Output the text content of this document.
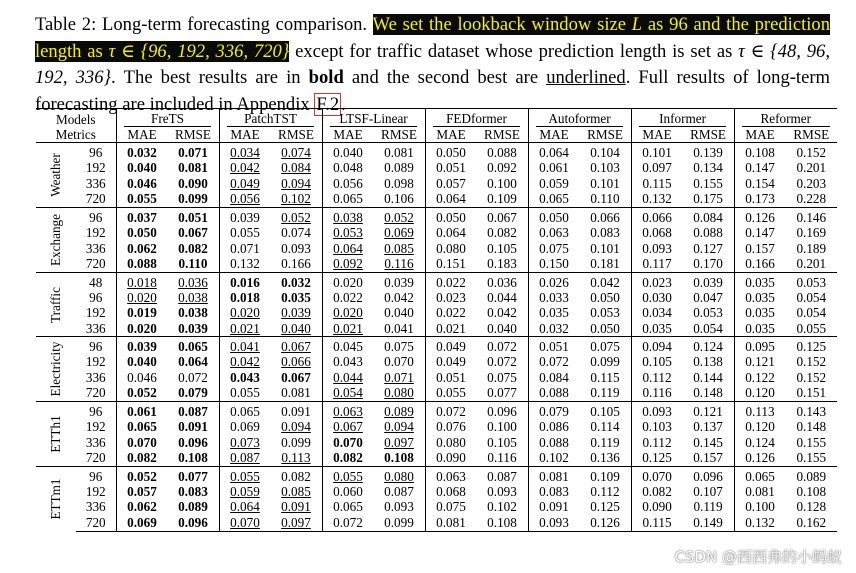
Table 2: Long-term forecasting comparison. We set the lookback window size L as 96 and the prediction length as τ ∈ {96, 192, 336, 720} except for traffic dataset whose prediction length is set as τ ∈ {48, 96, 192, 336}. The best results are in bold and the second best are underlined. Full results of long-term forecasting are included in Appendix F.2 .
Models		FreTS		PatchTST		LTSF-Linear		FEDformer		Autoformer		Informer		Reformer	
Metrics		MAE	RMSE	MAE	RMSE	MAE	RMSE	MAE	RMSE	MAE	RMSE	MAE	RMSE	MAE	RMSE

Weather	96	0.032	0.071	0.034	0.074	0.040	0.081	0.050	0.088	0.064	0.104	0.101	0.139	0.108	0.152
	192	0.040	0.081	0.042	0.084	0.048	0.089	0.051	0.092	0.061	0.103	0.097	0.134	0.147	0.201
	336	0.046	0.090	0.049	0.094	0.056	0.098	0.057	0.100	0.059	0.101	0.115	0.155	0.154	0.203
	720	0.055	0.099	0.056	0.102	0.065	0.106	0.064	0.109	0.065	0.110	0.132	0.175	0.173	0.228

Exchange	96	0.037	0.051	0.039	0.052	0.038	0.052	0.050	0.067	0.050	0.066	0.066	0.084	0.126	0.146
	192	0.050	0.067	0.055	0.074	0.053	0.069	0.064	0.082	0.063	0.083	0.068	0.088	0.147	0.169
	336	0.062	0.082	0.071	0.093	0.064	0.085	0.080	0.105	0.075	0.101	0.093	0.127	0.157	0.189
	720	0.088	0.110	0.132	0.166	0.092	0.116	0.151	0.183	0.150	0.181	0.117	0.170	0.166	0.201

Traffic	48	0.018	0.036	0.016	0.032	0.020	0.039	0.022	0.036	0.026	0.042	0.023	0.039	0.035	0.053
	96	0.020	0.038	0.018	0.035	0.022	0.042	0.023	0.044	0.033	0.050	0.030	0.047	0.035	0.054
	192	0.019	0.038	0.020	0.039	0.020	0.040	0.022	0.042	0.035	0.053	0.034	0.053	0.035	0.054
	336	0.020	0.039	0.021	0.040	0.021	0.041	0.021	0.040	0.032	0.050	0.035	0.054	0.035	0.055

Electricity	96	0.039	0.065	0.041	0.067	0.045	0.075	0.049	0.072	0.051	0.075	0.094	0.124	0.095	0.125
	192	0.040	0.064	0.042	0.066	0.043	0.070	0.049	0.072	0.072	0.099	0.105	0.138	0.121	0.152
	336	0.046	0.072	0.043	0.067	0.044	0.071	0.051	0.075	0.084	0.115	0.112	0.144	0.122	0.152
	720	0.052	0.079	0.055	0.081	0.054	0.080	0.055	0.077	0.088	0.119	0.116	0.148	0.120	0.151

ETTh1	96	0.061	0.087	0.065	0.091	0.063	0.089	0.072	0.096	0.079	0.105	0.093	0.121	0.113	0.143
	192	0.065	0.091	0.069	0.094	0.067	0.094	0.076	0.100	0.086	0.114	0.103	0.137	0.120	0.148
	336	0.070	0.096	0.073	0.099	0.070	0.097	0.080	0.105	0.088	0.119	0.112	0.145	0.124	0.155
	720	0.082	0.108	0.087	0.113	0.082	0.108	0.090	0.116	0.102	0.136	0.125	0.157	0.126	0.155

ETTm1	96	0.052	0.077	0.055	0.082	0.055	0.080	0.063	0.087	0.081	0.109	0.070	0.096	0.065	0.089
	192	0.057	0.083	0.059	0.085	0.060	0.087	0.068	0.093	0.083	0.112	0.082	0.107	0.081	0.108
	336	0.062	0.089	0.064	0.091	0.065	0.093	0.075	0.102	0.091	0.125	0.090	0.119	0.100	0.128
	720	0.069	0.096	0.070	0.097	0.072	0.099	0.081	0.108	0.093	0.126	0.115	0.149	0.132	0.162
CSDN @西西弗的小蚂蚁
